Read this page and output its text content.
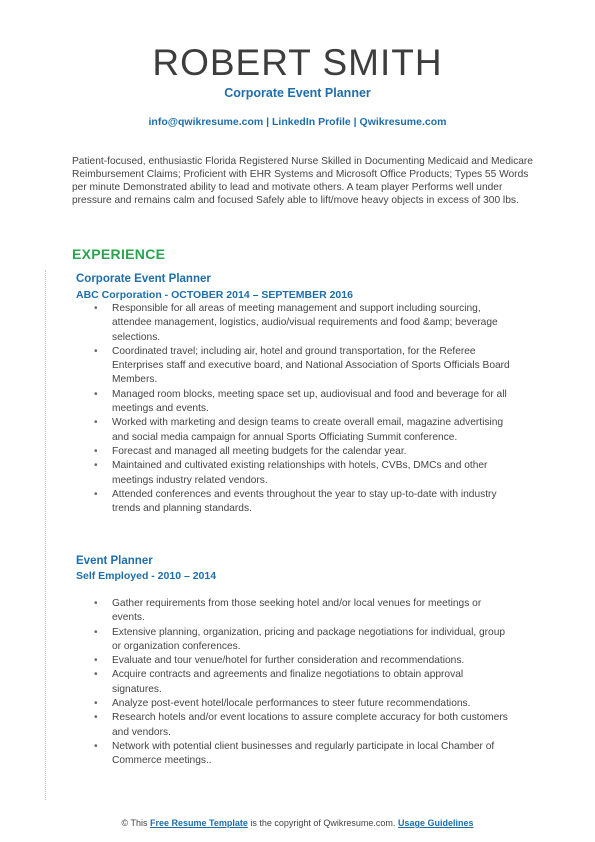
ROBERT SMITH
Corporate Event Planner
info@qwikresume.com | LinkedIn Profile | Qwikresume.com
Patient-focused, enthusiastic Florida Registered Nurse Skilled in Documenting Medicaid and Medicare Reimbursement Claims; Proficient with EHR Systems and Microsoft Office Products; Types 55 Words per minute Demonstrated ability to lead and motivate others. A team player Performs well under pressure and remains calm and focused Safely able to lift/move heavy objects in excess of 300 lbs.
EXPERIENCE
Corporate Event Planner
ABC Corporation - OCTOBER 2014 – SEPTEMBER 2016
• Responsible for all areas of meeting management and support including sourcing, attendee management, logistics, audio/visual requirements and food &amp; beverage selections.
• Coordinated travel; including air, hotel and ground transportation, for the Referee Enterprises staff and executive board, and National Association of Sports Officials Board Members.
• Managed room blocks, meeting space set up, audiovisual and food and beverage for all meetings and events.
• Worked with marketing and design teams to create overall email, magazine advertising and social media campaign for annual Sports Officiating Summit conference.
• Forecast and managed all meeting budgets for the calendar year.
• Maintained and cultivated existing relationships with hotels, CVBs, DMCs and other meetings industry related vendors.
• Attended conferences and events throughout the year to stay up-to-date with industry trends and planning standards.
Event Planner
Self Employed - 2010 – 2014
• Gather requirements from those seeking hotel and/or local venues for meetings or events.
• Extensive planning, organization, pricing and package negotiations for individual, group or organization conferences.
• Evaluate and tour venue/hotel for further consideration and recommendations.
• Acquire contracts and agreements and finalize negotiations to obtain approval signatures.
• Analyze post-event hotel/locale performances to steer future recommendations.
• Research hotels and/or event locations to assure complete accuracy for both customers and vendors.
• Network with potential client businesses and regularly participate in local Chamber of Commerce meetings..
© This Free Resume Template is the copyright of Qwikresume.com. Usage Guidelines
